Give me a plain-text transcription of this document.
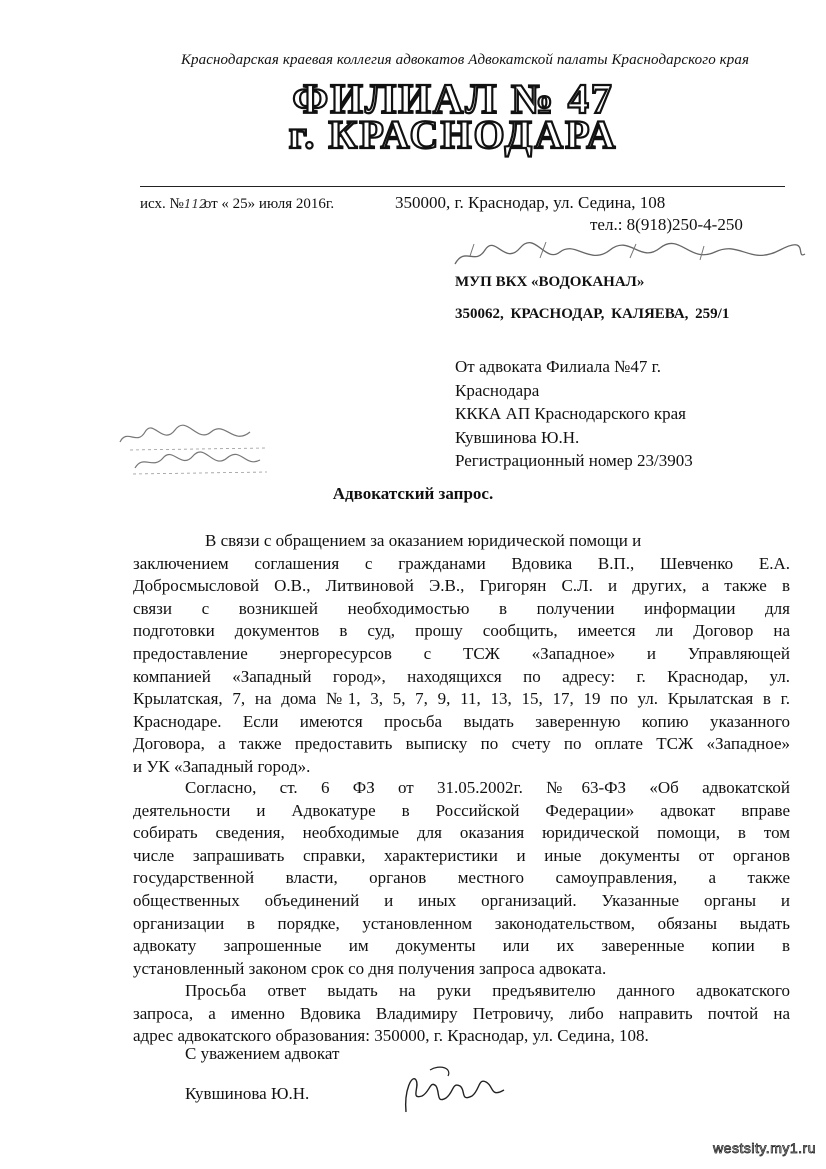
Краснодарская краевая коллегия адвокатов Адвокатской палаты Краснодарского края
ФИЛИАЛ № 47
г. КРАСНОДАРА
исх. №112от « 25» июля 2016г.	350000, г. Краснодар, ул. Седина, 108
тел.: 8(918)250-4-250
МУП ВКХ «ВОДОКАНАЛ»
350062, КРАСНОДАР, КАЛЯЕВА, 259/1
От адвоката Филиала №47 г.
Краснодара
КККА АП Краснодарского края
Кувшинова Ю.Н.
Регистрационный номер 23/3903
Адвокатский запрос.
В связи с обращением за оказанием юридической помощи и
заключением соглашения с гражданами Вдовика В.П., Шевченко Е.А.
Добросмысловой О.В., Литвиновой Э.В., Григорян С.Л. и других, а также в
связи с возникшей необходимостью в получении информации для
подготовки документов в суд, прошу сообщить, имеется ли Договор на
предоставление энергоресурсов с ТСЖ «Западное» и Управляющей
компанией «Западный город», находящихся по адресу: г. Краснодар, ул.
Крылатская, 7, на дома №1, 3, 5, 7, 9, 11, 13, 15, 17, 19 по ул. Крылатская в г.
Краснодаре. Если имеются просьба выдать заверенную копию указанного
Договора, а также предоставить выписку по счету по оплате ТСЖ «Западное»
и УК «Западный город».
Согласно, ст. 6 ФЗ от 31.05.2002г. №63-ФЗ «Об адвокатской
деятельности и Адвокатуре в Российской Федерации» адвокат вправе
собирать сведения, необходимые для оказания юридической помощи, в том
числе запрашивать справки, характеристики и иные документы от органов
государственной власти, органов местного самоуправления, а также
общественных объединений и иных организаций. Указанные органы и
организации в порядке, установленном законодательством, обязаны выдать
адвокату запрошенные им документы или их заверенные копии в
установленный законом срок со дня получения запроса адвоката.
Просьба ответ выдать на руки предъявителю данного адвокатского
запроса, а именно Вдовика Владимиру Петровичу, либо направить почтой на
адрес адвокатского образования: 350000, г. Краснодар, ул. Седина, 108.
С уважением адвокат
Кувшинова Ю.Н.
westsity.my1.ru
